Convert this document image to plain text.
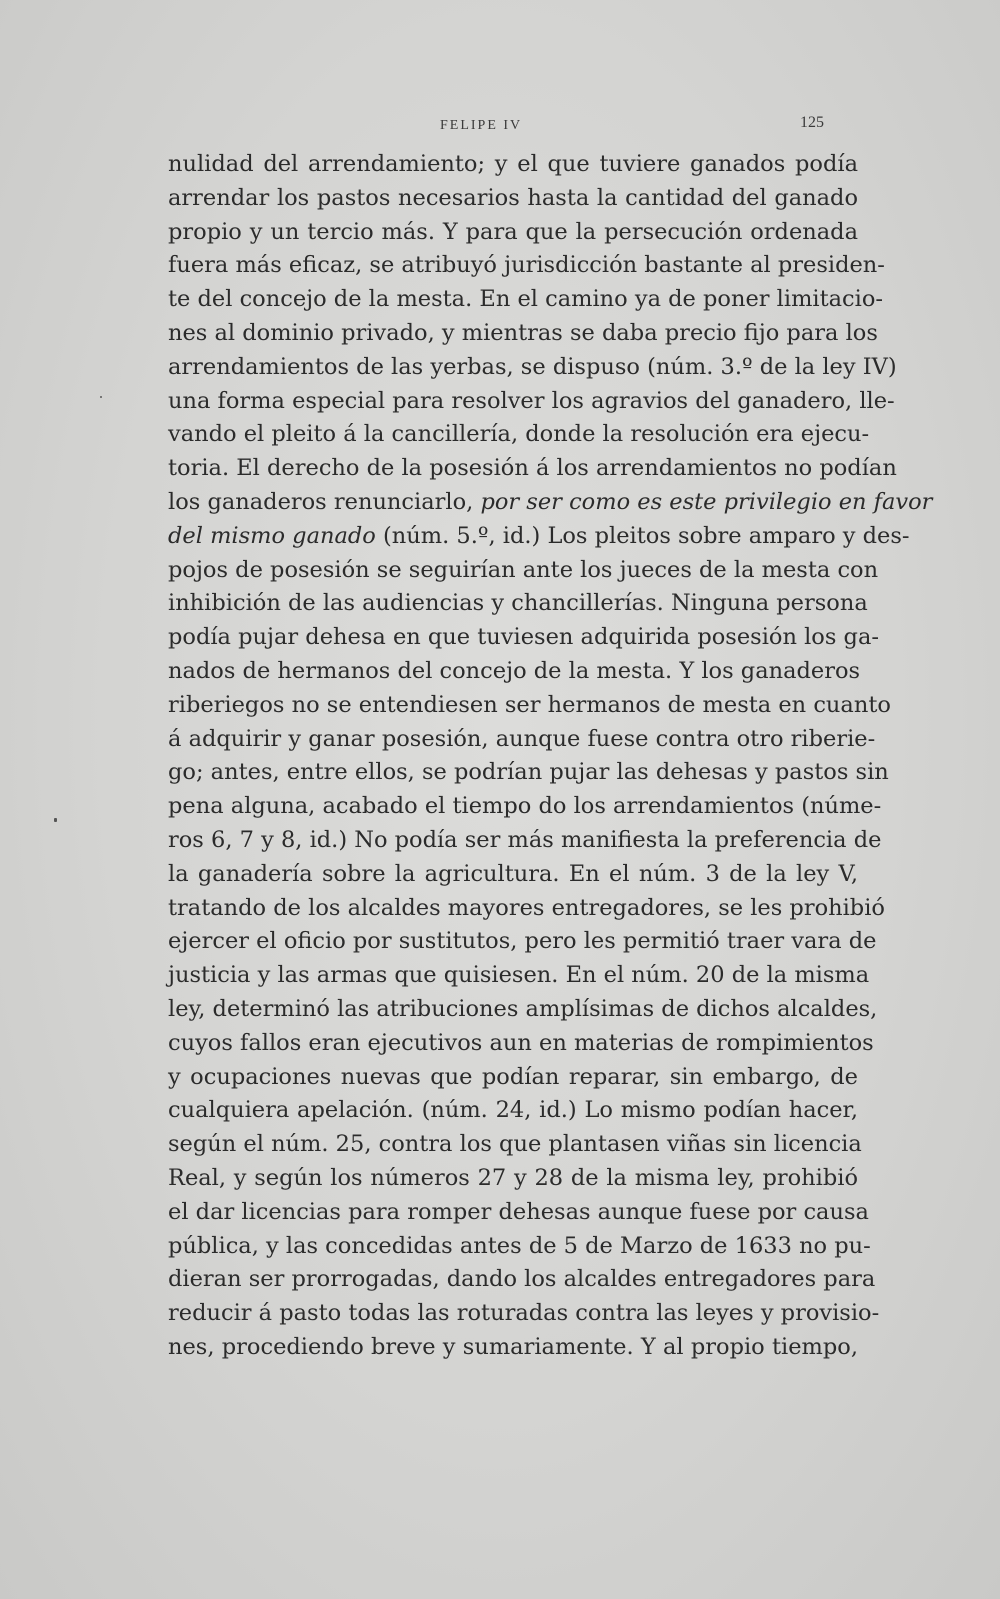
FELIPE IV	125
nulidad del arrendamiento; y el que tuviere ganados podía
arrendar los pastos necesarios hasta la cantidad del ganado
propio y un tercio más. Y para que la persecución ordenada
fuera más eficaz, se atribuyó jurisdicción bastante al presiden-
te del concejo de la mesta. En el camino ya de poner limitacio-
nes al dominio privado, y mientras se daba precio fijo para los
arrendamientos de las yerbas, se dispuso (núm. 3.º de la ley IV)
una forma especial para resolver los agravios del ganadero, lle-
vando el pleito á la cancillería, donde la resolución era ejecu-
toria. El derecho de la posesión á los arrendamientos no podían
los ganaderos renunciarlo, por ser como es este privilegio en favor
del mismo ganado (núm. 5.º, id.) Los pleitos sobre amparo y des-
pojos de posesión se seguirían ante los jueces de la mesta con
inhibición de las audiencias y chancillerías. Ninguna persona
podía pujar dehesa en que tuviesen adquirida posesión los ga-
nados de hermanos del concejo de la mesta. Y los ganaderos
riberiegos no se entendiesen ser hermanos de mesta en cuanto
á adquirir y ganar posesión, aunque fuese contra otro riberie-
go; antes, entre ellos, se podrían pujar las dehesas y pastos sin
pena alguna, acabado el tiempo do los arrendamientos (núme-
ros 6, 7 y 8, id.) No podía ser más manifiesta la preferencia de
la ganadería sobre la agricultura. En el núm. 3 de la ley V,
tratando de los alcaldes mayores entregadores, se les prohibió
ejercer el oficio por sustitutos, pero les permitió traer vara de
justicia y las armas que quisiesen. En el núm. 20 de la misma
ley, determinó las atribuciones amplísimas de dichos alcaldes,
cuyos fallos eran ejecutivos aun en materias de rompimientos
y ocupaciones nuevas que podían reparar, sin embargo, de
cualquiera apelación. (núm. 24, id.) Lo mismo podían hacer,
según el núm. 25, contra los que plantasen viñas sin licencia
Real, y según los números 27 y 28 de la misma ley, prohibió
el dar licencias para romper dehesas aunque fuese por causa
pública, y las concedidas antes de 5 de Marzo de 1633 no pu-
dieran ser prorrogadas, dando los alcaldes entregadores para
reducir á pasto todas las roturadas contra las leyes y provisio-
nes, procediendo breve y sumariamente. Y al propio tiempo,
